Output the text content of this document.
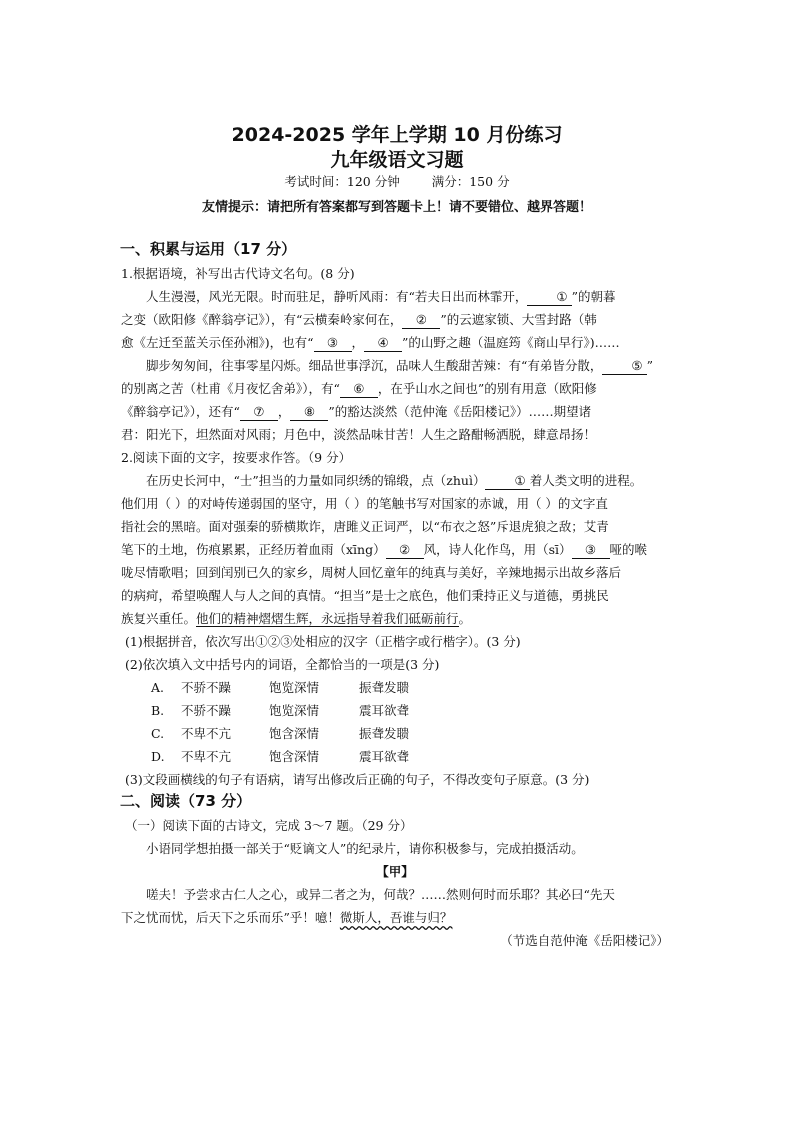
2024-2025 学年上学期 10 月份练习
九年级语文习题
考试时间：120 分钟	满分：150 分
友情提示：请把所有答案都写到答题卡上！请不要错位、越界答题！
一、积累与运用（17 分）

1.根据语境，补写出古代诗文名句。(8 分)

人生漫漫，风光无限。时而驻足，静听风雨：有“若夫日出而林霏开， ① ”的朝暮

之变（欧阳修《醉翁亭记》），有“云横秦岭家何在， ② ”的云遮家锁、大雪封路（韩

愈《左迁至蓝关示侄孙湘》)，也有“ ③ ， ④ ”的山野之趣（温庭筠《商山早行》)……

脚步匆匆间，往事零星闪烁。细品世事浮沉，品味人生酸甜苦辣：有“有弟皆分散， ⑤ ”

的别离之苦（杜甫《月夜忆舍弟》），有“ ⑥ ，在乎山水之间也”的别有用意（欧阳修

《醉翁亭记》），还有“ ⑦ ， ⑧ ”的豁达淡然（范仲淹《岳阳楼记》）……期望诸

君：阳光下，坦然面对风雨；月色中，淡然品味甘苦！人生之路酣畅洒脱，肆意昂扬！

2.阅读下面的文字，按要求作答。（9 分）

在历史长河中，“士”担当的力量如同织绣的锦缎，点（zhuì） ① 着人类文明的进程。

他们用（ ）的对峙传递弱国的坚守，用（ ）的笔触书写对国家的赤诚，用（ ）的文字直

指社会的黑暗。面对强秦的骄横欺诈，唐雎义正词严，以“布衣之怒”斥退虎狼之敌；艾青

笔下的土地，伤痕累累，正经历着血雨（xīng） ② 风，诗人化作鸟，用（sī） ③ 哑的喉

咙尽情歌唱；回到闰别已久的家乡，周树人回忆童年的纯真与美好，辛辣地揭示出故乡落后

的病疴，希望唤醒人与人之间的真情。“担当”是士之底色，他们秉持正义与道德，勇挑民

族复兴重任。他们的精神熠熠生辉，永远指导着我们砥砺前行。

(1)根据拼音，依次写出①②③处相应的汉字（正楷字或行楷字）。(3 分)

(2)依次填入文中括号内的词语，全都恰当的一项是(3 分)

A. 不骄不躁	饱览深情	振聋发聩

B. 不骄不躁	饱览深情	震耳欲聋

C. 不卑不亢	饱含深情	振聋发聩

D. 不卑不亢	饱含深情	震耳欲聋

(3)文段画横线的句子有语病，请写出修改后正确的句子，不得改变句子原意。(3 分)

二、阅读（73 分）

（一）阅读下面的古诗文，完成 3～7 题。（29 分）

小语同学想拍摄一部关于“贬谪文人”的纪录片，请你积极参与，完成拍摄活动。

【甲】

嗟夫！予尝求古仁人之心，或异二者之为，何哉？……然则何时而乐耶？其必曰“先天

下之忧而忧，后天下之乐而乐”乎！噫！微斯人，吾谁与归？

（节选自范仲淹《岳阳楼记》）
